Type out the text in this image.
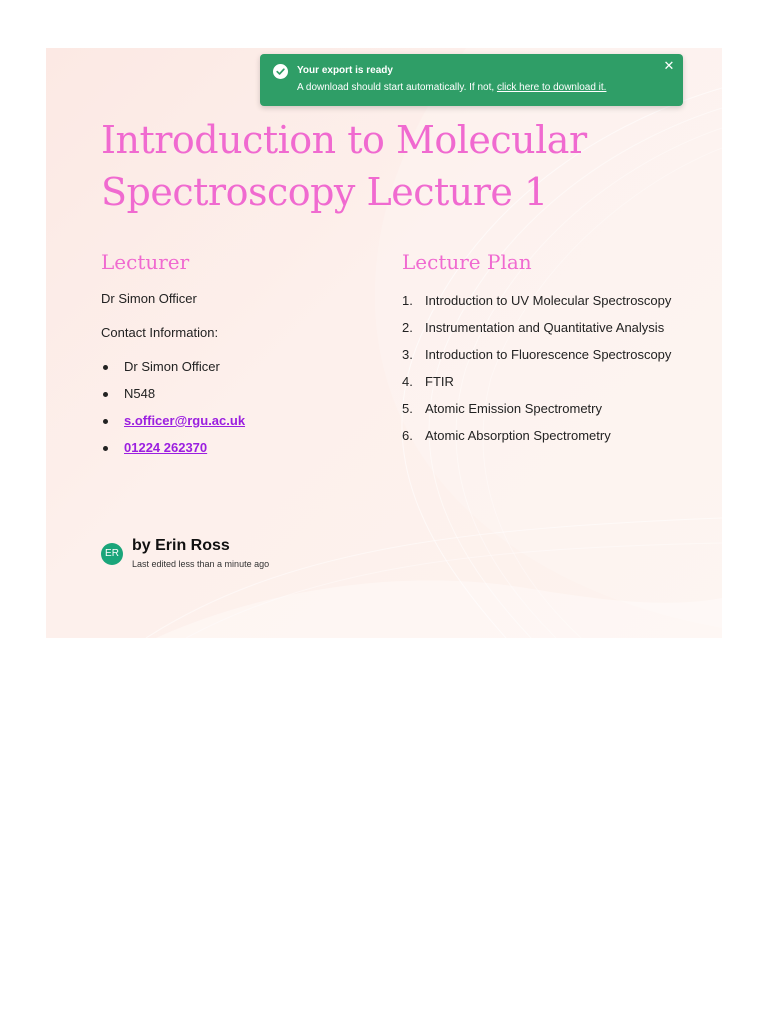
Introduction to Molecular Spectroscopy Lecture 1
Lecturer

Dr Simon Officer

Contact Information:

Dr Simon Officer
N548
s.officer@rgu.ac.uk
01224 262370
Lecture Plan
1. Introduction to UV Molecular Spectroscopy
2. Instrumentation and Quantitative Analysis
3. Introduction to Fluorescence Spectroscopy
4. FTIR
5. Atomic Emission Spectrometry
6. Atomic Absorption Spectrometry
ER by Erin Ross
Last edited less than a minute ago
Your export is ready
A download should start automatically. If not, click here to download it.
✕
